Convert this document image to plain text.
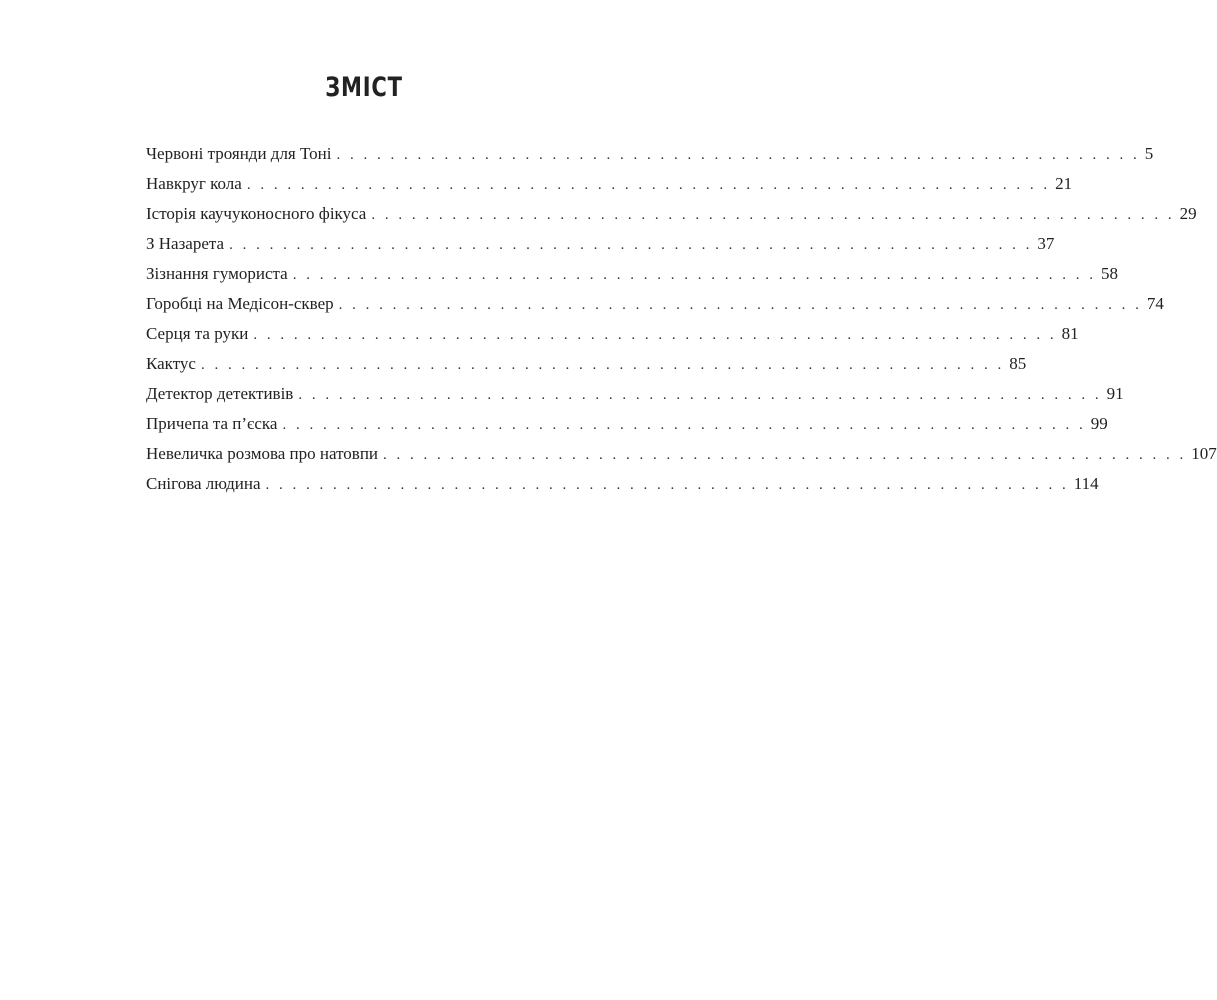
ЗМІСТ
Червоні троянди для Тоні . . . . . . . . . . . . . . . . . . . . . . . . . . . . . . . . . . . . . . . . . . . . . . . . . . . . . . . . . . . . 5
Навкруг кола . . . . . . . . . . . . . . . . . . . . . . . . . . . . . . . . . . . . . . . . . . . . . . . . . . . . . . . . . . . . 21
Історія каучуконосного фікуса . . . . . . . . . . . . . . . . . . . . . . . . . . . . . . . . . . . . . . . . . . . . . . . . . . . . . . . . . . . . 29
З Назарета . . . . . . . . . . . . . . . . . . . . . . . . . . . . . . . . . . . . . . . . . . . . . . . . . . . . . . . . . . . . 37
Зізнання гумориста . . . . . . . . . . . . . . . . . . . . . . . . . . . . . . . . . . . . . . . . . . . . . . . . . . . . . . . . . . . . 58
Горобці на Медісон-сквер . . . . . . . . . . . . . . . . . . . . . . . . . . . . . . . . . . . . . . . . . . . . . . . . . . . . . . . . . . . . 74
Серця та руки . . . . . . . . . . . . . . . . . . . . . . . . . . . . . . . . . . . . . . . . . . . . . . . . . . . . . . . . . . . . 81
Кактус . . . . . . . . . . . . . . . . . . . . . . . . . . . . . . . . . . . . . . . . . . . . . . . . . . . . . . . . . . . . 85
Детектор детективів . . . . . . . . . . . . . . . . . . . . . . . . . . . . . . . . . . . . . . . . . . . . . . . . . . . . . . . . . . . . 91
Причепа та п’єска . . . . . . . . . . . . . . . . . . . . . . . . . . . . . . . . . . . . . . . . . . . . . . . . . . . . . . . . . . . . 99
Невеличка розмова про натовпи . . . . . . . . . . . . . . . . . . . . . . . . . . . . . . . . . . . . . . . . . . . . . . . . . . . . . . . . . . . . 107
Снігова людина . . . . . . . . . . . . . . . . . . . . . . . . . . . . . . . . . . . . . . . . . . . . . . . . . . . . . . . . . . . . 114
